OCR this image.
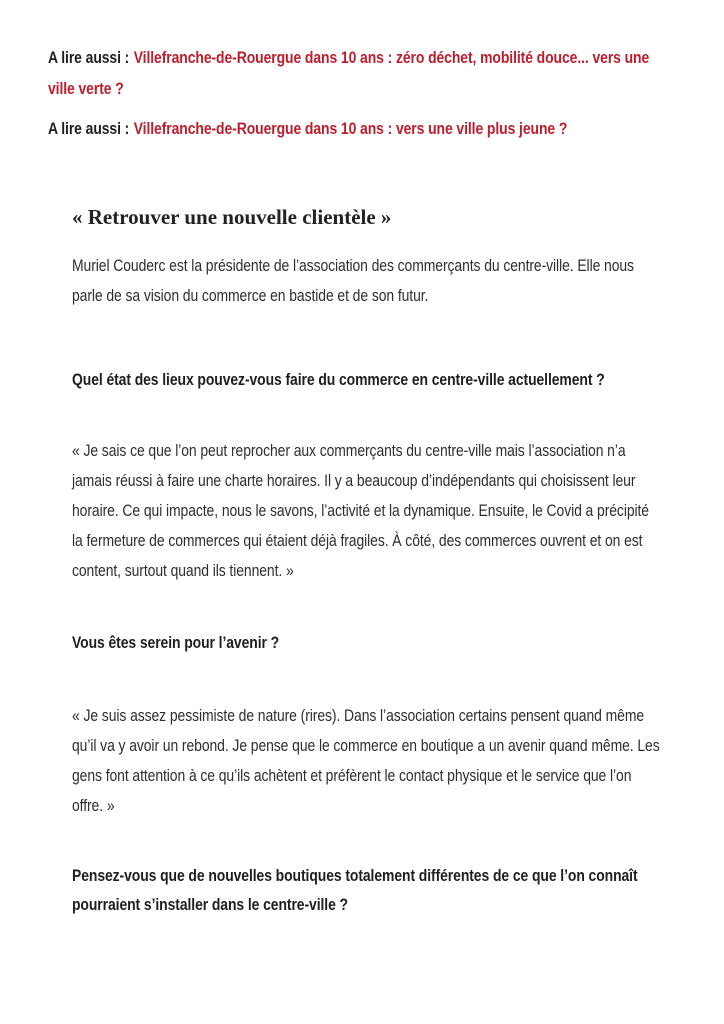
A lire aussi : Villefranche-de-Rouergue dans 10 ans : zéro déchet, mobilité douce... vers une ville verte ?

A lire aussi : Villefranche-de-Rouergue dans 10 ans : vers une ville plus jeune ?

« Retrouver une nouvelle clientèle »

Muriel Couderc est la présidente de l’association des commerçants du centre-ville. Elle nous parle de sa vision du commerce en bastide et de son futur.

Quel état des lieux pouvez-vous faire du commerce en centre-ville actuellement ?

« Je sais ce que l’on peut reprocher aux commerçants du centre-ville mais l’association n’a jamais réussi à faire une charte horaires. Il y a beaucoup d’indépendants qui choisissent leur horaire. Ce qui impacte, nous le savons, l’activité et la dynamique. Ensuite, le Covid a précipité la fermeture de commerces qui étaient déjà fragiles. À côté, des commerces ouvrent et on est content, surtout quand ils tiennent. »

Vous êtes serein pour l’avenir ?

« Je suis assez pessimiste de nature (rires). Dans l’association certains pensent quand même qu’il va y avoir un rebond. Je pense que le commerce en boutique a un avenir quand même. Les gens font attention à ce qu’ils achètent et préfèrent le contact physique et le service que l’on offre. »

Pensez-vous que de nouvelles boutiques totalement différentes de ce que l’on connaît pourraient s’installer dans le centre-ville ?
